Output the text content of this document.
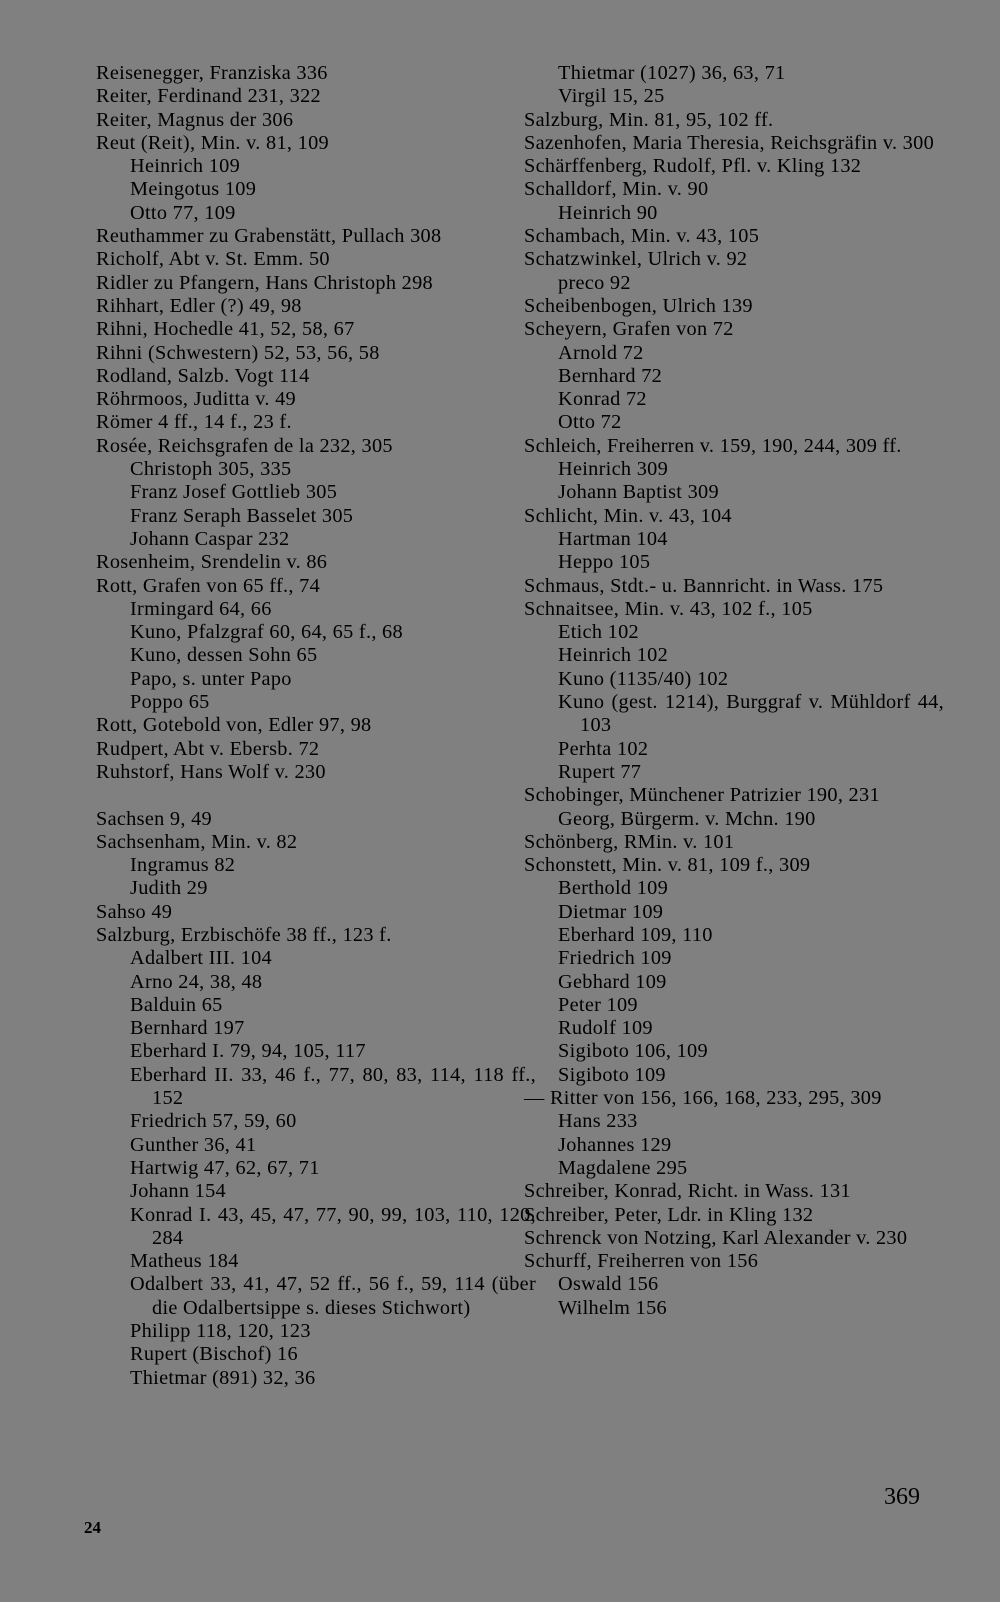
Reisenegger, Franziska 336

Reiter, Ferdinand 231, 322

Reiter, Magnus der 306

Reut (Reit), Min. v. 81, 109

Heinrich 109

Meingotus 109

Otto 77, 109

Reuthammer zu Grabenstätt, Pullach 308

Richolf, Abt v. St. Emm. 50

Ridler zu Pfangern, Hans Christoph 298

Rihhart, Edler (?) 49, 98

Rihni, Hochedle 41, 52, 58, 67

Rihni (Schwestern) 52, 53, 56, 58

Rodland, Salzb. Vogt 114

Röhrmoos, Juditta v. 49

Römer 4 ff., 14 f., 23 f.

Rosée, Reichsgrafen de la 232, 305

Christoph 305, 335

Franz Josef Gottlieb 305

Franz Seraph Basselet 305

Johann Caspar 232

Rosenheim, Srendelin v. 86

Rott, Grafen von 65 ff., 74

Irmingard 64, 66

Kuno, Pfalzgraf 60, 64, 65 f., 68

Kuno, dessen Sohn 65

Papo, s. unter Papo

Poppo 65

Rott, Gotebold von, Edler 97, 98

Rudpert, Abt v. Ebersb. 72

Ruhstorf, Hans Wolf v. 230

Sachsen 9, 49

Sachsenham, Min. v. 82

Ingramus 82

Judith 29

Sahso 49

Salzburg, Erzbischöfe 38 ff., 123 f.

Adalbert III. 104

Arno 24, 38, 48

Balduin 65

Bernhard 197

Eberhard I. 79, 94, 105, 117

Eberhard II. 33, 46 f., 77, 80, 83, 114, 118 ff., 152

Friedrich 57, 59, 60

Gunther 36, 41

Hartwig 47, 62, 67, 71

Johann 154

Konrad I. 43, 45, 47, 77, 90, 99, 103, 110, 120, 284

Matheus 184

Odalbert 33, 41, 47, 52 ff., 56 f., 59, 114 (über die Odalbertsippe s. dieses Stichwort)

Philipp 118, 120, 123

Rupert (Bischof) 16

Thietmar (891) 32, 36

Thietmar (1027) 36, 63, 71

Virgil 15, 25

Salzburg, Min. 81, 95, 102 ff.

Sazenhofen, Maria Theresia, Reichsgräfin v. 300

Schärffenberg, Rudolf, Pfl. v. Kling 132

Schalldorf, Min. v. 90

Heinrich 90

Schambach, Min. v. 43, 105

Schatzwinkel, Ulrich v. 92

preco 92

Scheibenbogen, Ulrich 139

Scheyern, Grafen von 72

Arnold 72

Bernhard 72

Konrad 72

Otto 72

Schleich, Freiherren v. 159, 190, 244, 309 ff.

Heinrich 309

Johann Baptist 309

Schlicht, Min. v. 43, 104

Hartman 104

Heppo 105

Schmaus, Stdt.- u. Bannricht. in Wass. 175

Schnaitsee, Min. v. 43, 102 f., 105

Etich 102

Heinrich 102

Kuno (1135/40) 102

Kuno (gest. 1214), Burggraf v. Mühldorf 44, 103

Perhta 102

Rupert 77

Schobinger, Münchener Patrizier 190, 231

Georg, Bürgerm. v. Mchn. 190

Schönberg, RMin. v. 101

Schonstett, Min. v. 81, 109 f., 309

Berthold 109

Dietmar 109

Eberhard 109, 110

Friedrich 109

Gebhard 109

Peter 109

Rudolf 109

Sigiboto 106, 109

Sigiboto 109

— Ritter von 156, 166, 168, 233, 295, 309

Hans 233

Johannes 129

Magdalene 295

Schreiber, Konrad, Richt. in Wass. 131

Schreiber, Peter, Ldr. in Kling 132

Schrenck von Notzing, Karl Alexander v. 230

Schurff, Freiherren von 156

Oswald 156

Wilhelm 156

369
24
